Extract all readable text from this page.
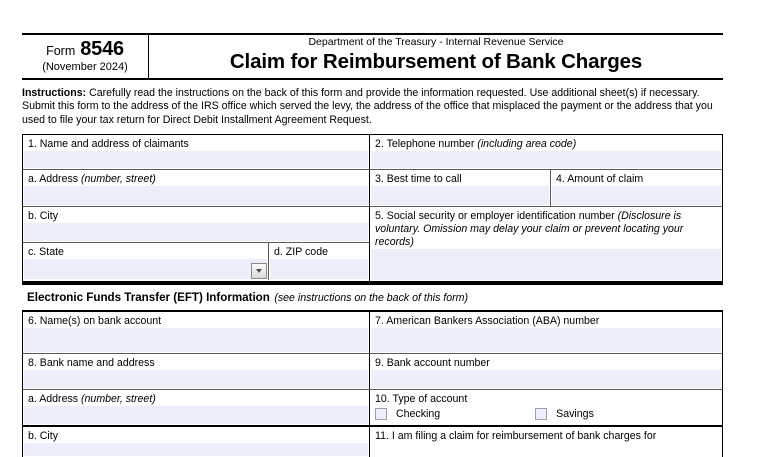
Form 8546
(November 2024)
Department of the Treasury - Internal Revenue Service
Claim for Reimbursement of Bank Charges
Instructions: Carefully read the instructions on the back of this form and provide the information requested. Use additional sheet(s) if necessary. Submit this form to the address of the IRS office which served the levy, the address of the office that misplaced the payment or the address that you used to file your tax return for Direct Debit Installment Agreement Request.
1. Name and address of claimants	2. Telephone number (including area code)
a. Address (number, street)	3. Best time to call	4. Amount of claim
b. City
c. State	d. ZIP code
5. Social security or employer identification number (Disclosure is voluntary. Omission may delay your claim or prevent locating your records)
Electronic Funds Transfer (EFT) Information (see instructions on the back of this form)
6. Name(s) on bank account	7. American Bankers Association (ABA) number
8. Bank name and address	9. Bank account number
a. Address (number, street)	10. Type of account
Checking	Savings
b. City	11. I am filing a claim for reimbursement of bank charges for
